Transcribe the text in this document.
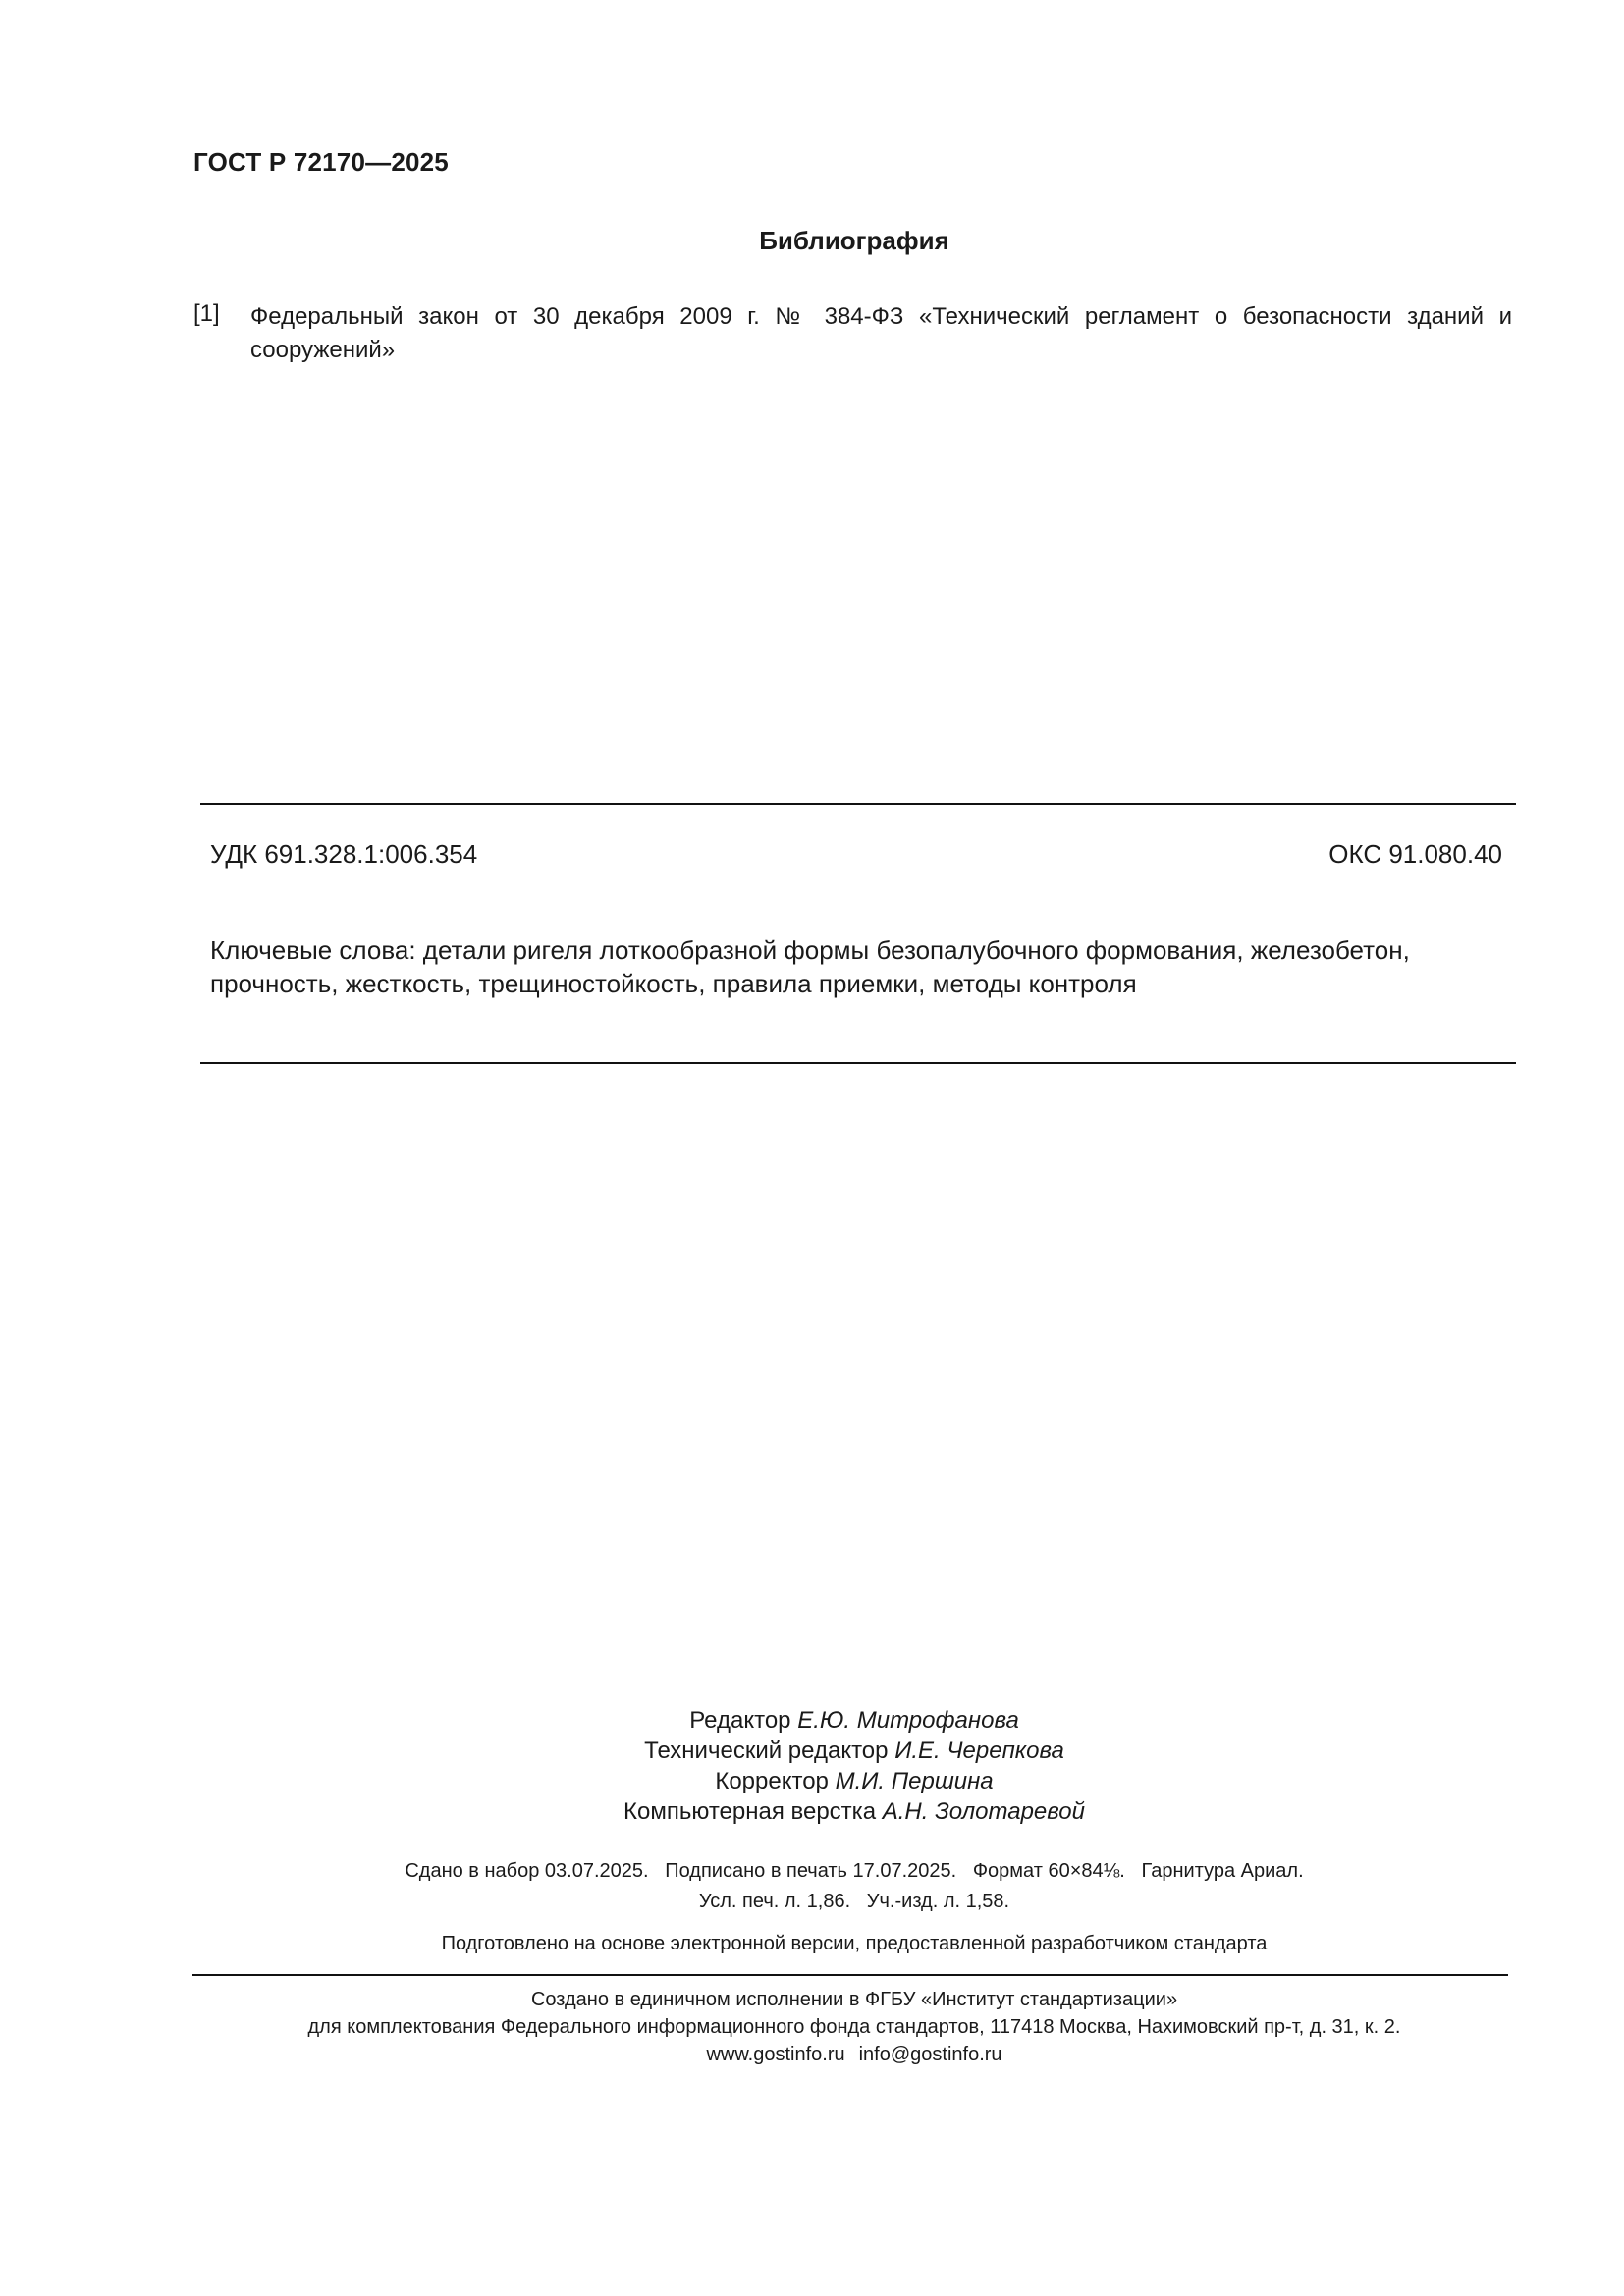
ГОСТ Р 72170—2025
Библиография
[1] Федеральный закон от 30 декабря 2009 г. № 384-ФЗ «Технический регламент о безопасности зданий и сооружений»
УДК 691.328.1:006.354	ОКС 91.080.40
Ключевые слова: детали ригеля лоткообразной формы безопалубочного формования, железобетон, прочность, жесткость, трещиностойкость, правила приемки, методы контроля
Редактор Е.Ю. Митрофанова
Технический редактор И.Е. Черепкова
Корректор М.И. Першина
Компьютерная верстка А.Н. Золотаревой
Сдано в набор 03.07.2025.   Подписано в печать 17.07.2025.   Формат 60×84⅛.   Гарнитура Ариал.
Усл. печ. л. 1,86.   Уч.-изд. л. 1,58.
Подготовлено на основе электронной версии, предоставленной разработчиком стандарта
Создано в единичном исполнении в ФГБУ «Институт стандартизации»
для комплектования Федерального информационного фонда стандартов, 117418 Москва, Нахимовский пр-т, д. 31, к. 2.
www.gostinfo.ru info@gostinfo.ru
